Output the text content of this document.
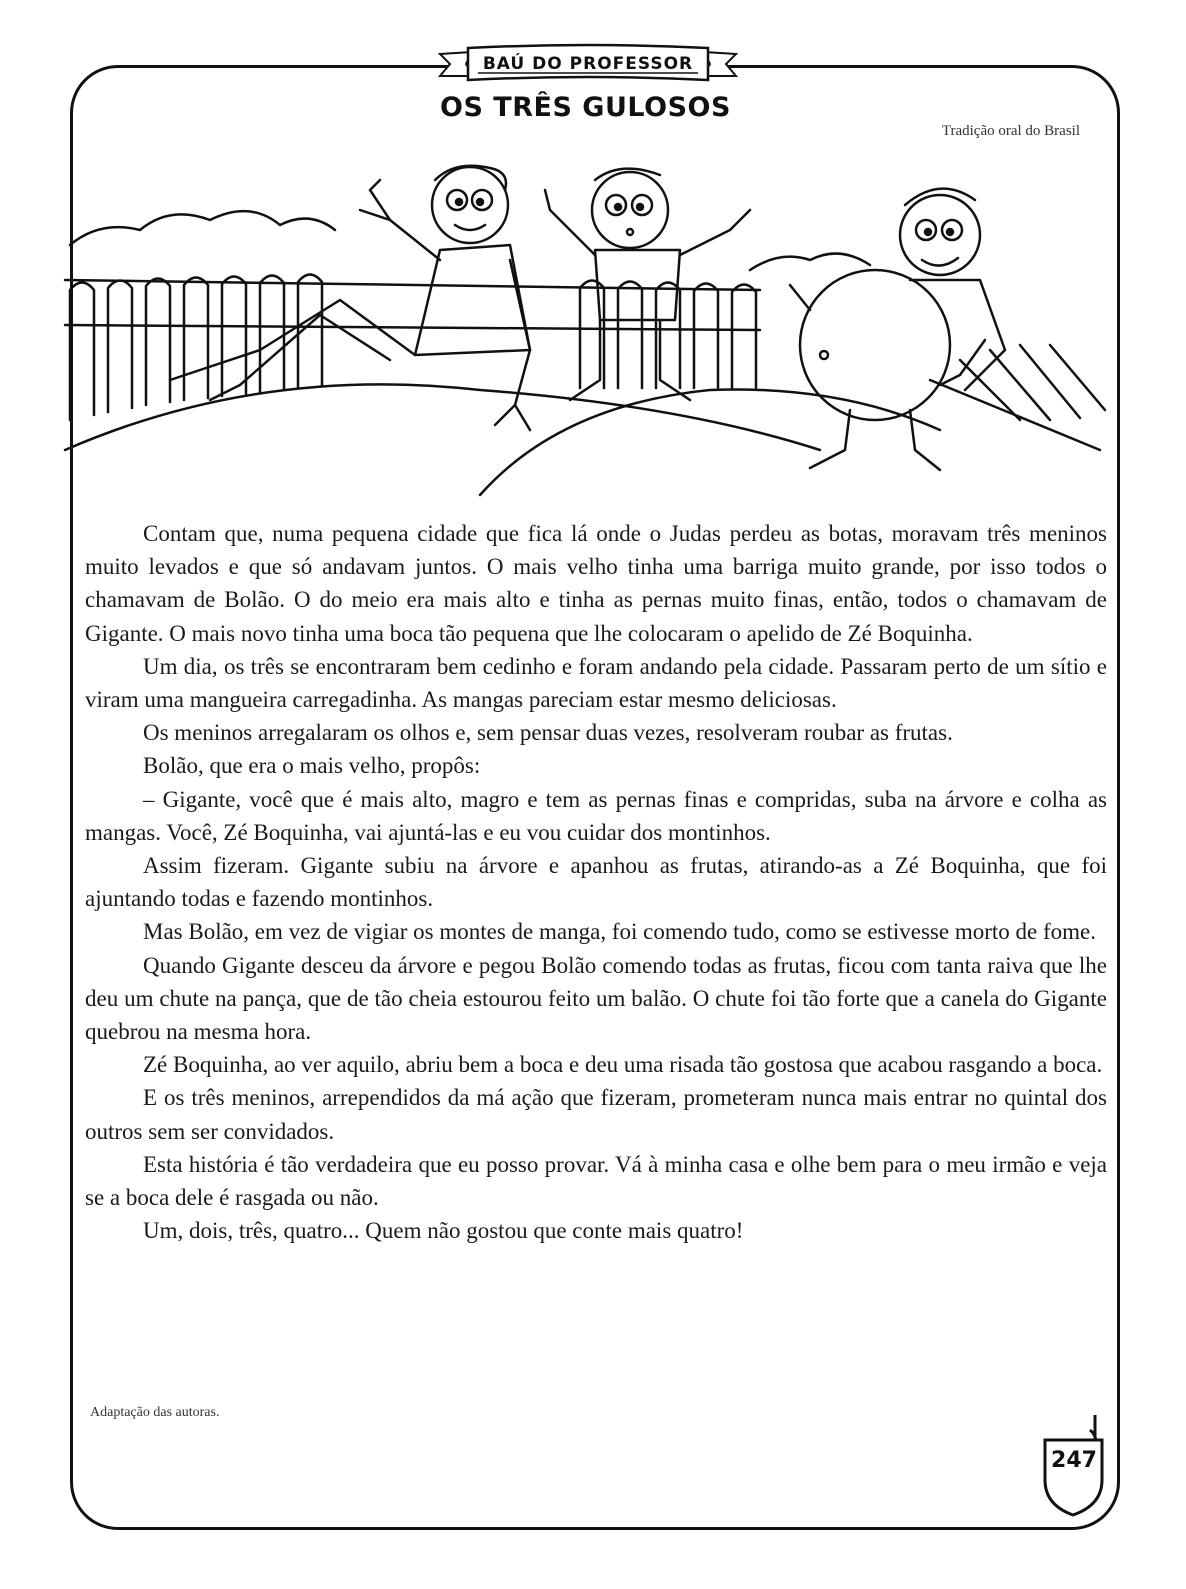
BAÚ DO PROFESSOR
OS TRÊS GULOSOS
Tradição oral do Brasil

Contam que, numa pequena cidade que fica lá onde o Judas perdeu as botas, moravam três meninos muito levados e que só andavam juntos. O mais velho tinha uma barriga muito grande, por isso todos o chamavam de Bolão. O do meio era mais alto e tinha as pernas muito finas, então, todos o chamavam de Gigante. O mais novo tinha uma boca tão pequena que lhe colocaram o apelido de Zé Boquinha.

Um dia, os três se encontraram bem cedinho e foram andando pela cidade. Passaram perto de um sítio e viram uma mangueira carregadinha. As mangas pareciam estar mesmo deliciosas.

Os meninos arregalaram os olhos e, sem pensar duas vezes, resolveram roubar as frutas.

Bolão, que era o mais velho, propôs:

– Gigante, você que é mais alto, magro e tem as pernas finas e compridas, suba na árvore e colha as mangas. Você, Zé Boquinha, vai ajuntá-las e eu vou cuidar dos montinhos.

Assim fizeram. Gigante subiu na árvore e apanhou as frutas, atirando-as a Zé Boquinha, que foi ajuntando todas e fazendo montinhos.

Mas Bolão, em vez de vigiar os montes de manga, foi comendo tudo, como se estivesse morto de fome.

Quando Gigante desceu da árvore e pegou Bolão comendo todas as frutas, ficou com tanta raiva que lhe deu um chute na pança, que de tão cheia estourou feito um balão. O chute foi tão forte que a canela do Gigante quebrou na mesma hora.

Zé Boquinha, ao ver aquilo, abriu bem a boca e deu uma risada tão gostosa que acabou rasgando a boca.

E os três meninos, arrependidos da má ação que fizeram, prometeram nunca mais entrar no quintal dos outros sem ser convidados.

Esta história é tão verdadeira que eu posso provar. Vá à minha casa e olhe bem para o meu irmão e veja se a boca dele é rasgada ou não.

Um, dois, três, quatro... Quem não gostou que conte mais quatro!

Adaptação das autoras.
247
